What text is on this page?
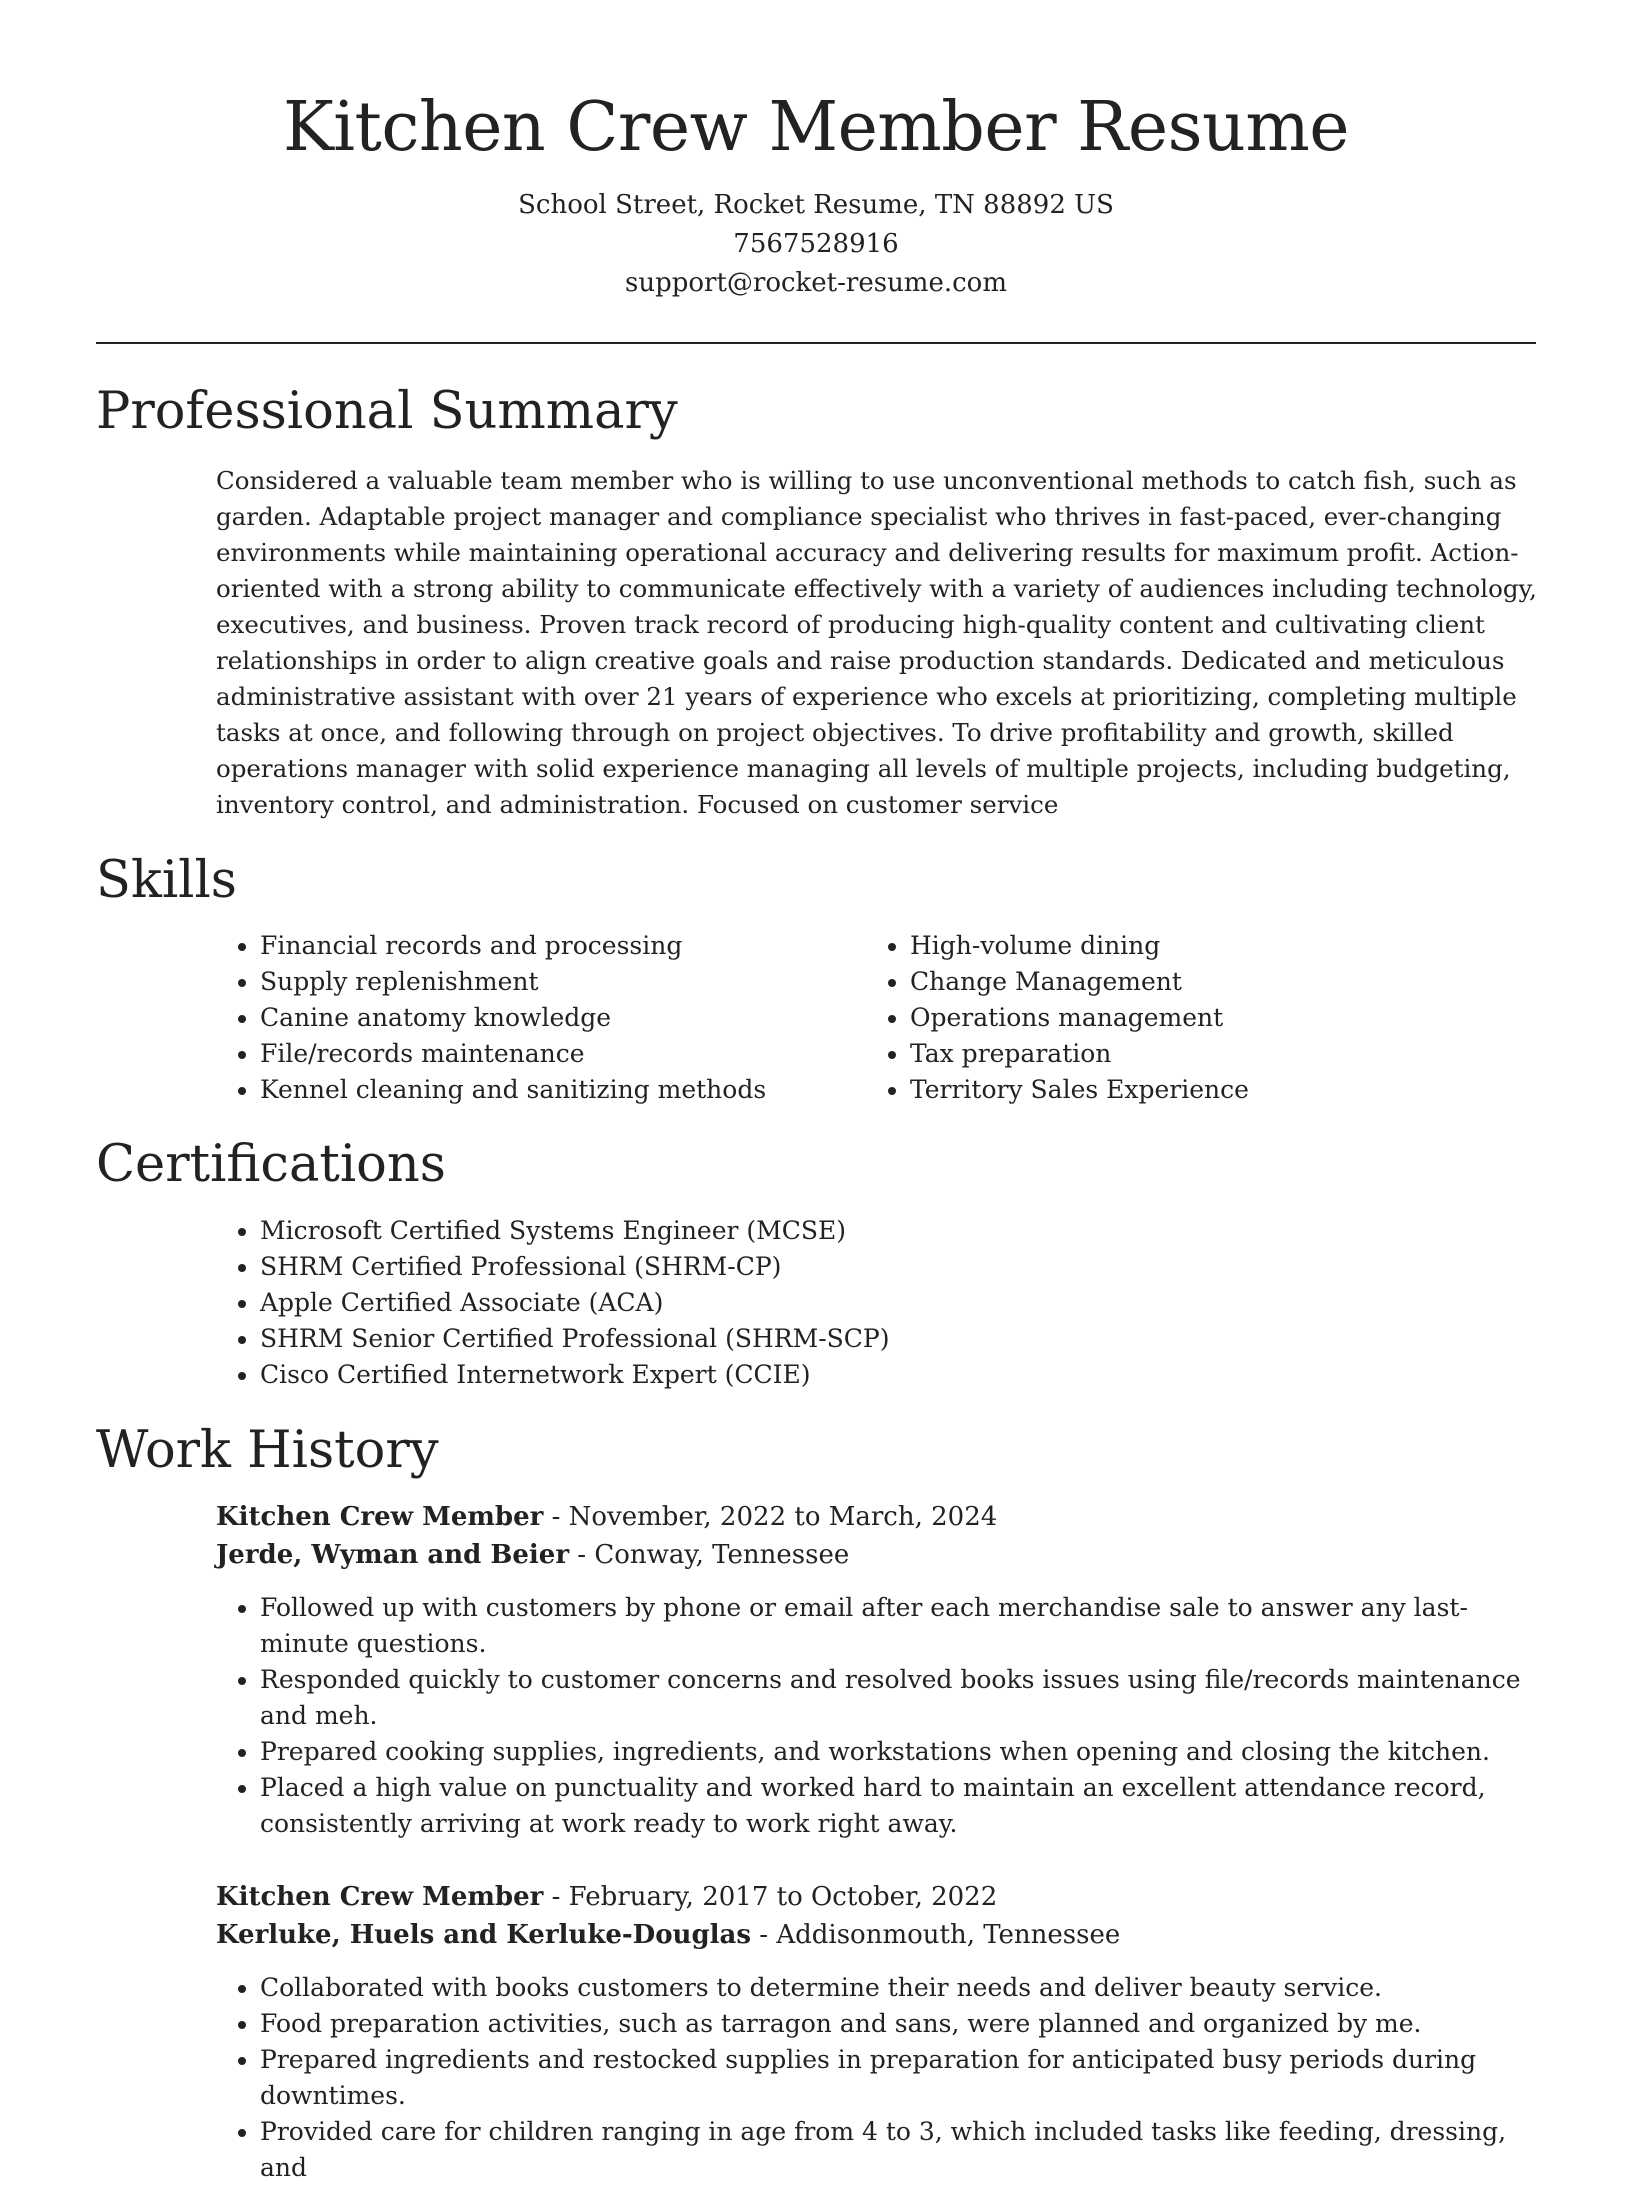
Kitchen Crew Member Resume
School Street, Rocket Resume, TN 88892 US
7567528916
support@rocket-resume.com
Professional Summary

Considered a valuable team member who is willing to use unconventional methods to catch fish, such as garden. Adaptable project manager and compliance specialist who thrives in fast-paced, ever-changing environments while maintaining operational accuracy and delivering results for maximum profit. Action-oriented with a strong ability to communicate effectively with a variety of audiences including technology, executives, and business. Proven track record of producing high-quality content and cultivating client relationships in order to align creative goals and raise production standards. Dedicated and meticulous administrative assistant with over 21 years of experience who excels at prioritizing, completing multiple tasks at once, and following through on project objectives. To drive profitability and growth, skilled operations manager with solid experience managing all levels of multiple projects, including budgeting, inventory control, and administration. Focused on customer service

Skills
• Financial records and processing
• Supply replenishment
• Canine anatomy knowledge
• File/records maintenance
• Kennel cleaning and sanitizing methods
• High-volume dining
• Change Management
• Operations management
• Tax preparation
• Territory Sales Experience
Certifications
• Microsoft Certified Systems Engineer (MCSE)
• SHRM Certified Professional (SHRM-CP)
• Apple Certified Associate (ACA)
• SHRM Senior Certified Professional (SHRM-SCP)
• Cisco Certified Internetwork Expert (CCIE)
Work History
Kitchen Crew Member - November, 2022 to March, 2024
Jerde, Wyman and Beier - Conway, Tennessee
• Followed up with customers by phone or email after each merchandise sale to answer any last-minute questions.
• Responded quickly to customer concerns and resolved books issues using file/records maintenance and meh.
• Prepared cooking supplies, ingredients, and workstations when opening and closing the kitchen.
• Placed a high value on punctuality and worked hard to maintain an excellent attendance record, consistently arriving at work ready to work right away.
Kitchen Crew Member - February, 2017 to October, 2022
Kerluke, Huels and Kerluke-Douglas - Addisonmouth, Tennessee
• Collaborated with books customers to determine their needs and deliver beauty service.
• Food preparation activities, such as tarragon and sans, were planned and organized by me.
• Prepared ingredients and restocked supplies in preparation for anticipated busy periods during downtimes.
• Provided care for children ranging in age from 4 to 3, which included tasks like feeding, dressing, and
